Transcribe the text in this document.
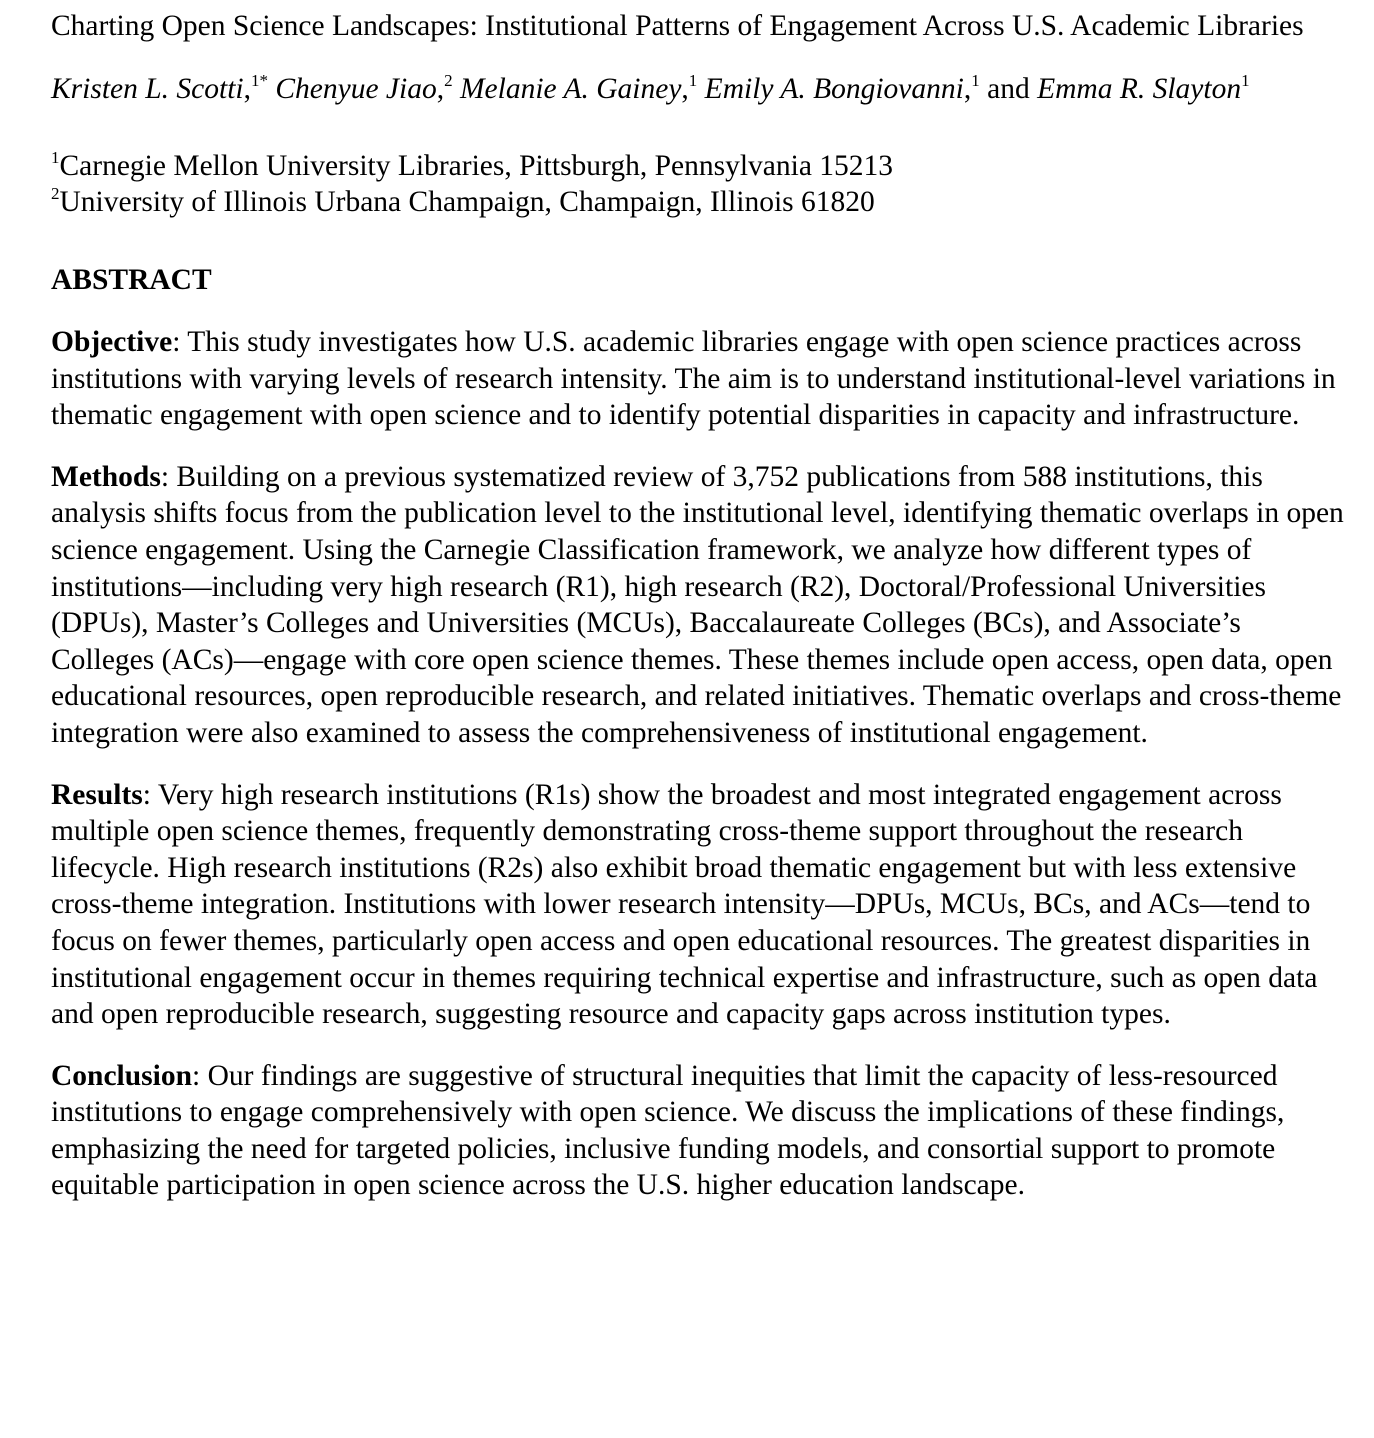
Charting Open Science Landscapes: Institutional Patterns of Engagement Across U.S. Academic Libraries

Kristen L. Scotti,$^{1*}$ Chenyue Jiao,$^2$ Melanie A. Gainey,$^1$ Emily A. Bongiovanni,$^1$ and Emma R. Slayton$^1$

$^1$Carnegie Mellon University Libraries, Pittsburgh, Pennsylvania 15213
$^2$University of Illinois Urbana Champaign, Champaign, Illinois 61820
ABSTRACT

Objective: This study investigates how U.S. academic libraries engage with open science practices across institutions with varying levels of research intensity. The aim is to understand institutional-level variations in thematic engagement with open science and to identify potential disparities in capacity and infrastructure.

Methods: Building on a previous systematized review of 3,752 publications from 588 institutions, this analysis shifts focus from the publication level to the institutional level, identifying thematic overlaps in open science engagement. Using the Carnegie Classification framework, we analyze how different types of institutions—including very high research (R1), high research (R2), Doctoral/Professional Universities (DPUs), Master’s Colleges and Universities (MCUs), Baccalaureate Colleges (BCs), and Associate’s Colleges (ACs)—engage with core open science themes. These themes include open access, open data, open educational resources, open reproducible research, and related initiatives. Thematic overlaps and cross-theme integration were also examined to assess the comprehensiveness of institutional engagement.

Results: Very high research institutions (R1s) show the broadest and most integrated engagement across multiple open science themes, frequently demonstrating cross-theme support throughout the research lifecycle. High research institutions (R2s) also exhibit broad thematic engagement but with less extensive cross-theme integration. Institutions with lower research intensity—DPUs, MCUs, BCs, and ACs—tend to focus on fewer themes, particularly open access and open educational resources. The greatest disparities in institutional engagement occur in themes requiring technical expertise and infrastructure, such as open data and open reproducible research, suggesting resource and capacity gaps across institution types.

Conclusion: Our findings are suggestive of structural inequities that limit the capacity of less-resourced institutions to engage comprehensively with open science. We discuss the implications of these findings, emphasizing the need for targeted policies, inclusive funding models, and consortial support to promote equitable participation in open science across the U.S. higher education landscape.
